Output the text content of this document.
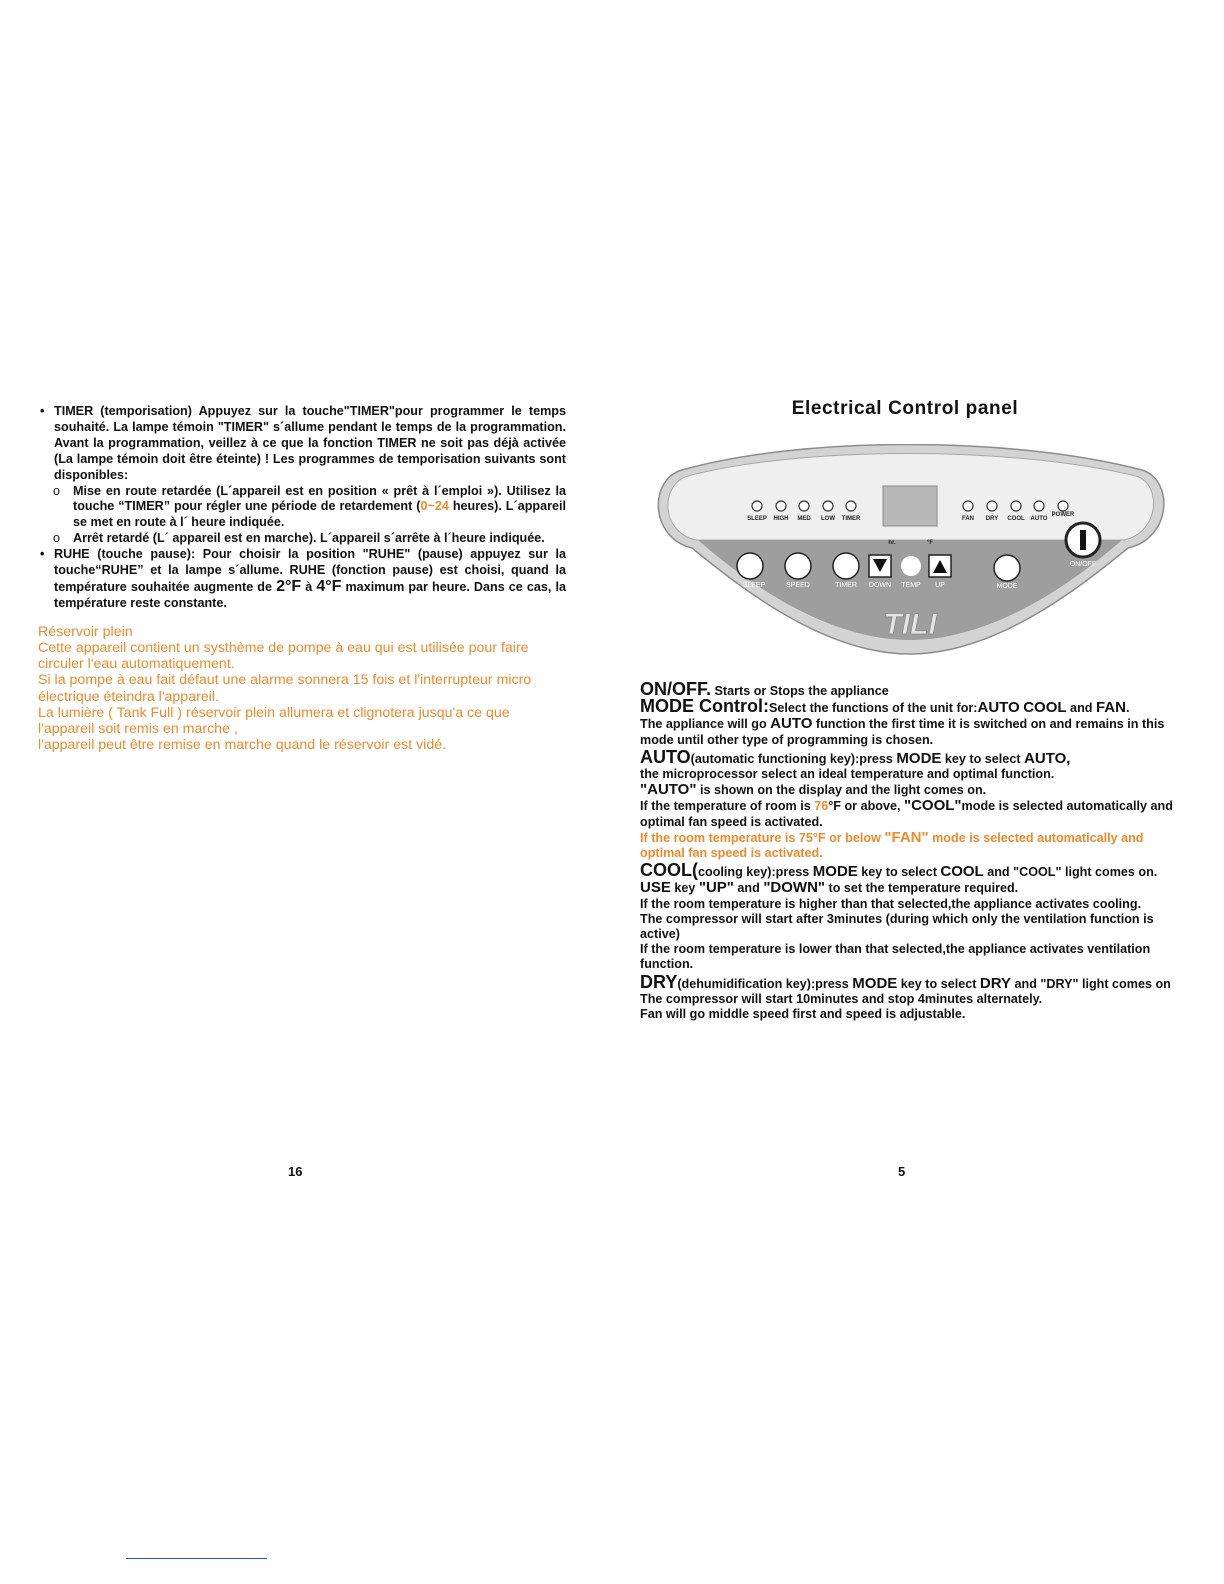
• TIMER (temporisation) Appuyez sur la touche"TIMER"pour programmer le temps souhaité. La lampe témoin "TIMER" s´allume pendant le temps de la programmation. Avant la programmation, veillez à ce que la fonction TIMER ne soit pas déjà activée (La lampe témoin doit être éteinte) ! Les programmes de temporisation suivants sont disponibles:
o Mise en route retardée (L´appareil est en position « prêt à l´emploi »). Utilisez la touche “TIMER” pour régler une période de retardement (0~24 heures). L´appareil se met en route à l´ heure indiquée.
o Arrêt retardé (L´ appareil est en marche). L´appareil s´arrête à l´heure indiquée.
• RUHE (touche pause): Pour choisir la position "RUHE" (pause) appuyez sur la touche“RUHE” et la lampe s´allume. RUHE (fonction pause) est choisi, quand la température souhaitée augmente de 2°F à 4°F maximum par heure. Dans ce cas, la température reste constante.
Réservoir plein
Cette appareil contient un systhème de pompe à eau qui est utilisée pour faire circuler l'eau automatiquement.
Si la pompe à eau fait défaut une alarme sonnera 15 fois et l'interrupteur micro électrique éteindra l'appareil.
La lumière ( Tank Full ) réservoir plein allumera et clignotera jusqu'a ce que l'appareil soit remis en marche ,
l'appareil peut être remise en marche quand le réservoir est vidé.
16
Electrical Control panel
SLEEP HIGH MED LOW TIMER	FAN DRY COOL AUTO
POWER
hr.	°F
SLEEP	SPEED	TIMER DOWN TEMP UP	MODE
ON/OFF
TILI
ON/OFF. Starts or Stops the appliance
MODE Control:Select the functions of the unit for:AUTO COOL and FAN.
The appliance will go AUTO function the first time it is switched on and remains in this mode until other type of programming is chosen.
AUTO(automatic functioning key):press MODE key to select AUTO,
the microprocessor select an ideal temperature and optimal function.
"AUTO" is shown on the display and the light comes on.
If the temperature of room is 76°F or above, "COOL"mode is selected automatically and optimal fan speed is activated.
If the room temperature is 75°F or below "FAN" mode is selected automatically and optimal fan speed is activated.
COOL(cooling key):press MODE key to select COOL and "COOL" light comes on. USE key "UP" and "DOWN" to set the temperature required.
If the room temperature is higher than that selected,the appliance activates cooling.
The compressor will start after 3minutes (during which only the ventilation function is active)
If the room temperature is lower than that selected,the appliance activates ventilation function.
DRY(dehumidification key):press MODE key to select DRY and "DRY" light comes on
The compressor will start 10minutes and stop 4minutes alternately.
Fan will go middle speed first and speed is adjustable.
5
